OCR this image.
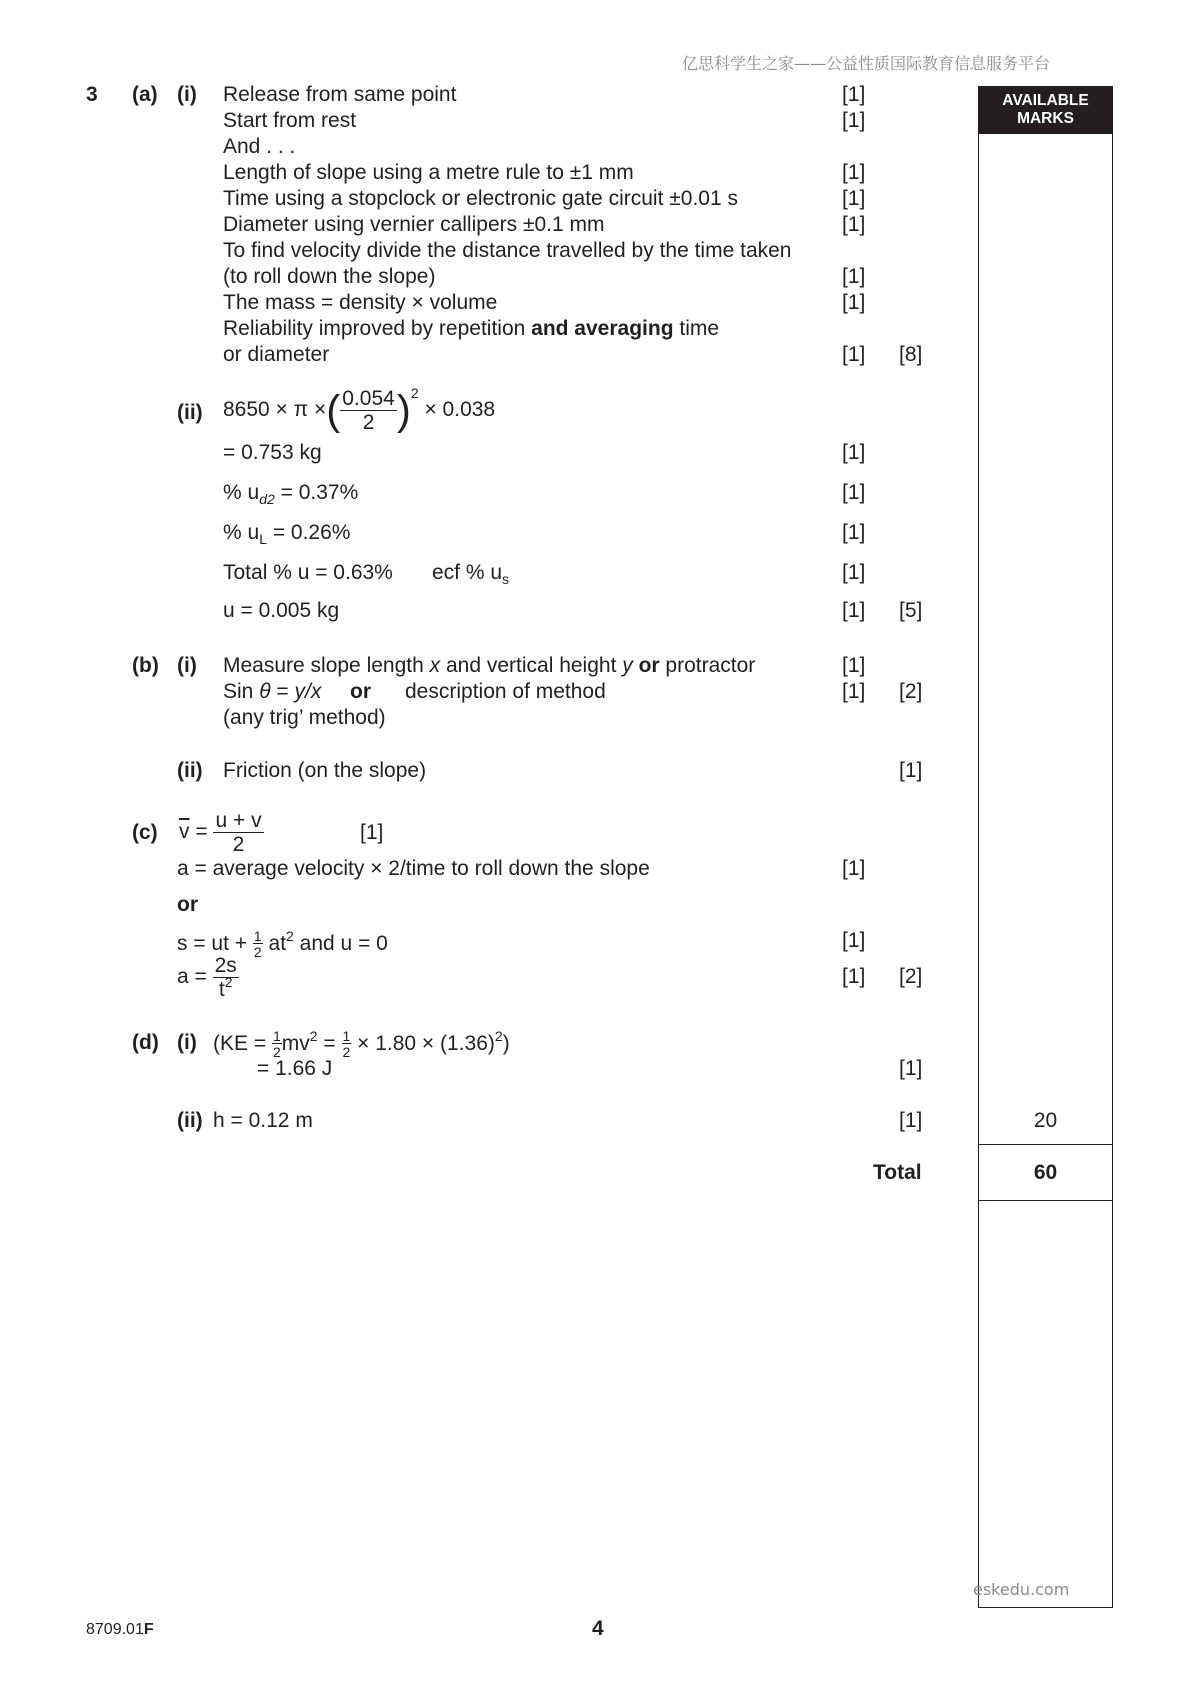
亿思科学生之家——公益性质国际教育信息服务平台
AVAILABLE
MARKS
3 (a) (i) Release from same point	[1]
Start from rest	[1]
And . . .
Length of slope using a metre rule to ±1 mm	[1]
Time using a stopclock or electronic gate circuit ±0.01 s	[1]
Diameter using vernier callipers ±0.1 mm	[1]
To find velocity divide the distance travelled by the time taken
(to roll down the slope)	[1]
The mass = density × volume	[1]
Reliability improved by repetition and averaging time
or diameter	[1] [8]
(ii) 8650 × π ×( $\frac{0.054}{2} )^2 \times 0.038$
= 0.753 kg	[1]
% $u_{d2} = 0.37\%$	[1]
% $u_L = 0.26\%$	[1]
Total % u = 0.63% ecf % $u_s$	[1]
u = 0.005 kg	[1] [5]
(b) (i) Measure slope length x and vertical height y or protractor	[1]
Sin θ = y/x or description of method	[1] [2]
(any trig’ method)
(ii) Friction (on the slope)	[1]
(c) $\overline{v} = \frac{u + v}{2}$	[1]
a = average velocity × 2/time to roll down the slope	[1]
or
s = ut + $\frac{1}{2} at^2$ and u = 0	[1]
$a = \frac{2s}{t^2}$	[1] [2]
(d) (i) $(KE = \frac{1}{2} mv^2 = \frac{1}{2} \times 1.80 \times (1.36)^2)$
= 1.66 J	[1]
(ii) h = 0.12 m	[1]	20
Total	60
eskedu.com
8709.01F	4
